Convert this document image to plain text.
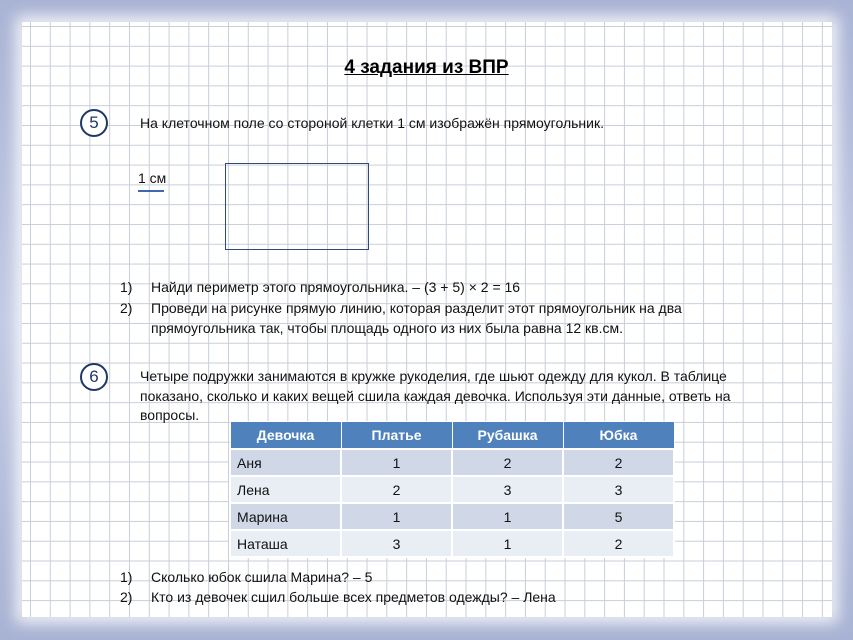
4 задания из ВПР
5	На клеточном поле со стороной клетки 1 см изображён прямоугольник.
1 см
1) Найди периметр этого прямоугольника. – (3 + 5) × 2 = 16
2) Проведи на рисунке прямую линию, которая разделит этот прямоугольник на два
прямоугольника так, чтобы площадь одного из них была равна 12 кв.см.
6	Четыре подружки занимаются в кружке рукоделия, где шьют одежду для кукол. В таблице
показано, сколько и каких вещей сшила каждая девочка. Используя эти данные, ответь на
вопросы.
Девочка	Платье	Рубашка	Юбка
Аня	1	2	2
Лена	2	3	3
Марина	1	1	5
Наташа	3	1	2
1) Сколько юбок сшила Марина? – 5
2) Кто из девочек сшил больше всех предметов одежды? – Лена
